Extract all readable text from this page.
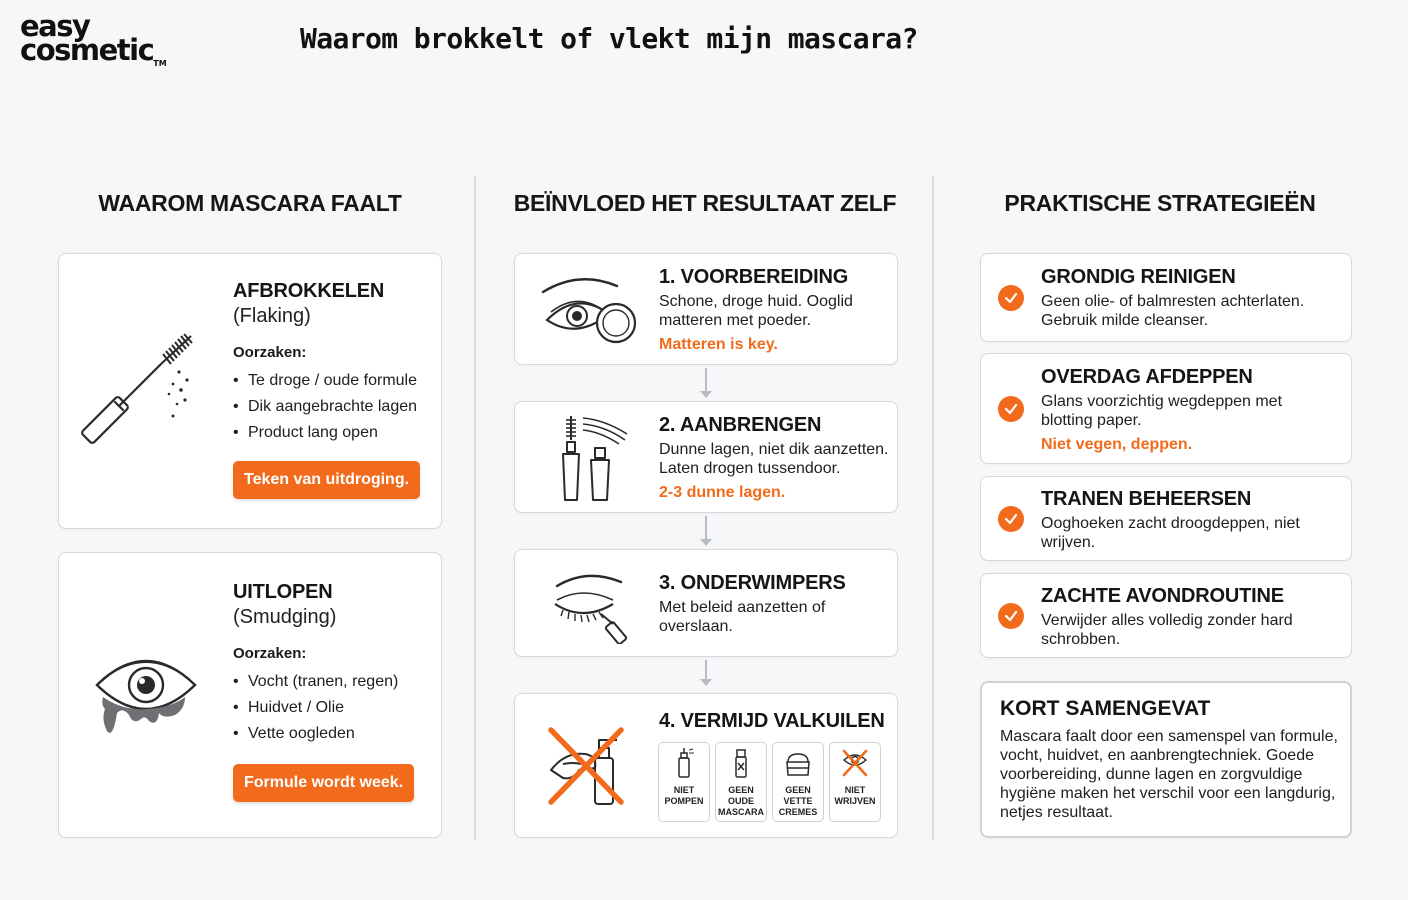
easy
cosmetic™
Waarom brokkelt of vlekt mijn mascara?
WAAROM MASCARA FAALT	BEÏNVLOED HET RESULTAAT ZELF	PRAKTISCHE STRATEGIEËN
AFBROKKELEN
(Flaking)
Oorzaken:
• Te droge / oude formule
• Dik aangebrachte lagen
• Product lang open
Teken van uitdroging.
UITLOPEN
(Smudging)
Oorzaken:
• Vocht (tranen, regen)
• Huidvet / Olie
• Vette oogleden
Formule wordt week.
1. VOORBEREIDING
Schone, droge huid. Ooglid
matteren met poeder.
Matteren is key.
2. AANBRENGEN
Dunne lagen, niet dik aanzetten.
Laten drogen tussendoor.
2-3 dunne lagen.
3. ONDERWIMPERS
Met beleid aanzetten of
overslaan.
4. VERMIJD VALKUILEN
NIET
POMPEN
GEEN
OUDE
MASCARA
GEEN
VETTE
CREMES
NIET
WRIJVEN
GRONDIG REINIGEN
Geen olie- of balmresten achterlaten.
Gebruik milde cleanser.
OVERDAG AFDEPPEN
Glans voorzichtig wegdeppen met
blotting paper.
Niet vegen, deppen.
TRANEN BEHEERSEN
Ooghoeken zacht droogdeppen, niet
wrijven.
ZACHTE AVONDROUTINE
Verwijder alles volledig zonder hard
schrobben.
KORT SAMENGEVAT
Mascara faalt door een samenspel van formule,
vocht, huidvet, en aanbrengtechniek. Goede
voorbereiding, dunne lagen en zorgvuldige
hygiëne maken het verschil voor een langdurig,
netjes resultaat.
